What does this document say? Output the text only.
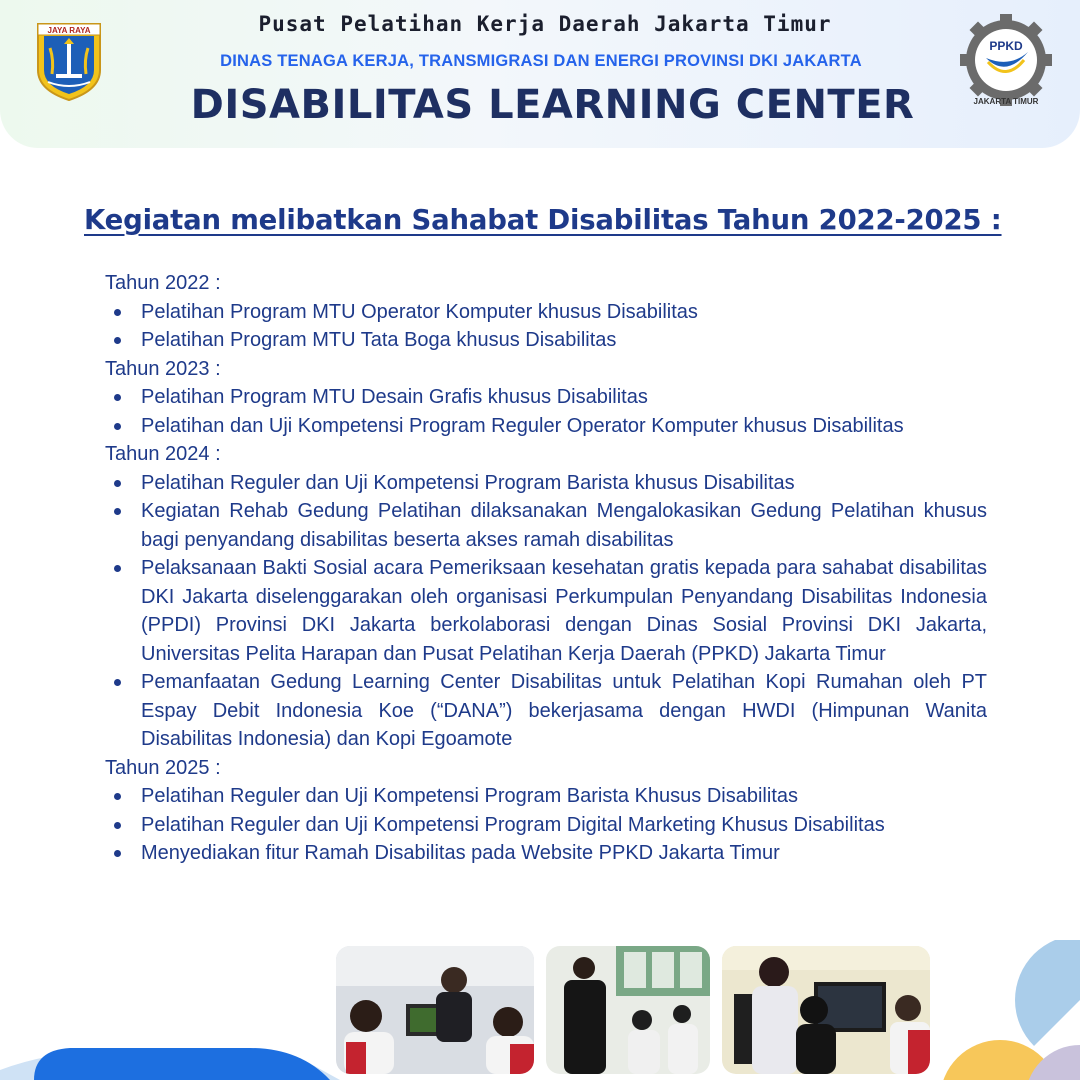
JAYA RAYA	Pusat Pelatihan Kerja Daerah Jakarta Timur
DINAS TENAGA KERJA, TRANSMIGRASI DAN ENERGI PROVINSI DKI JAKARTA
DISABILITAS LEARNING CENTER
PPKD
JAKARTA TIMUR
Kegiatan melibatkan Sahabat Disabilitas Tahun 2022-2025 :
Tahun 2022 :
Pelatihan Program MTU Operator Komputer khusus Disabilitas
Pelatihan Program MTU Tata Boga khusus Disabilitas
Tahun 2023 :
Pelatihan Program MTU Desain Grafis khusus Disabilitas
Pelatihan dan Uji Kompetensi Program Reguler Operator Komputer khusus Disabilitas
Tahun 2024 :
Pelatihan Reguler dan Uji Kompetensi Program Barista khusus Disabilitas
Kegiatan Rehab Gedung Pelatihan dilaksanakan Mengalokasikan Gedung Pelatihan khusus bagi penyandang disabilitas beserta akses ramah disabilitas
Pelaksanaan Bakti Sosial acara Pemeriksaan kesehatan gratis kepada para sahabat disabilitas DKI Jakarta diselenggarakan oleh organisasi Perkumpulan Penyandang Disabilitas Indonesia (PPDI) Provinsi DKI Jakarta berkolaborasi dengan Dinas Sosial Provinsi DKI Jakarta, Universitas Pelita Harapan dan Pusat Pelatihan Kerja Daerah (PPKD) Jakarta Timur
Pemanfaatan Gedung Learning Center Disabilitas untuk Pelatihan Kopi Rumahan oleh PT Espay Debit Indonesia Koe (“DANA”) bekerjasama dengan HWDI (Himpunan Wanita Disabilitas Indonesia) dan Kopi Egoamote
Tahun 2025 :
Pelatihan Reguler dan Uji Kompetensi Program Barista Khusus Disabilitas
Pelatihan Reguler dan Uji Kompetensi Program Digital Marketing Khusus Disabilitas
Menyediakan fitur Ramah Disabilitas pada Website PPKD Jakarta Timur
